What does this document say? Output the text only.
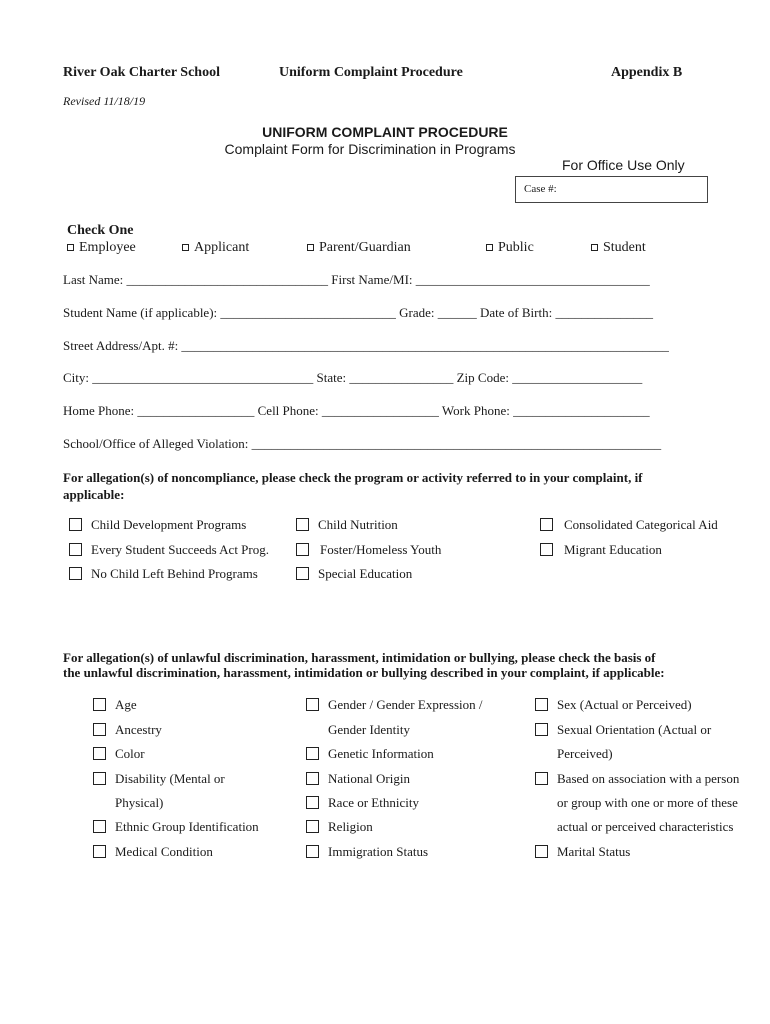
River Oak Charter School	Uniform Complaint Procedure	Appendix B
Revised 11/18/19
UNIFORM COMPLAINT PROCEDURE
Complaint Form for Discrimination in Programs
For Office Use Only
Case #:
Check One
Employee	Applicant	Parent/Guardian	Public	Student
Last Name: _______________________________ First Name/MI: ____________________________________
Student Name (if applicable): ___________________________ Grade: ______ Date of Birth: _______________
Street Address/Apt. #: ___________________________________________________________________________
City: __________________________________ State: ________________ Zip Code: ____________________
Home Phone: __________________ Cell Phone: __________________ Work Phone: _____________________
School/Office of Alleged Violation: _______________________________________________________________
For allegation(s) of noncompliance, please check the program or activity referred to in your complaint, if applicable:
Child Development Programs
Every Student Succeeds Act Prog.
No Child Left Behind Programs
Child Nutrition
Foster/Homeless Youth
Special Education
Consolidated Categorical Aid
Migrant Education
For allegation(s) of unlawful discrimination, harassment, intimidation or bullying, please check the basis of
the unlawful discrimination, harassment, intimidation or bullying described in your complaint, if applicable:
Age
Ancestry
Color
Disability (Mental or
Physical)
Ethnic Group Identification
Medical Condition
Gender / Gender Expression /
Gender Identity
Genetic Information
National Origin
Race or Ethnicity
Religion
Immigration Status
Sex (Actual or Perceived)
Sexual Orientation (Actual or
Perceived)
Based on association with a person
or group with one or more of these
actual or perceived characteristics
Marital Status
